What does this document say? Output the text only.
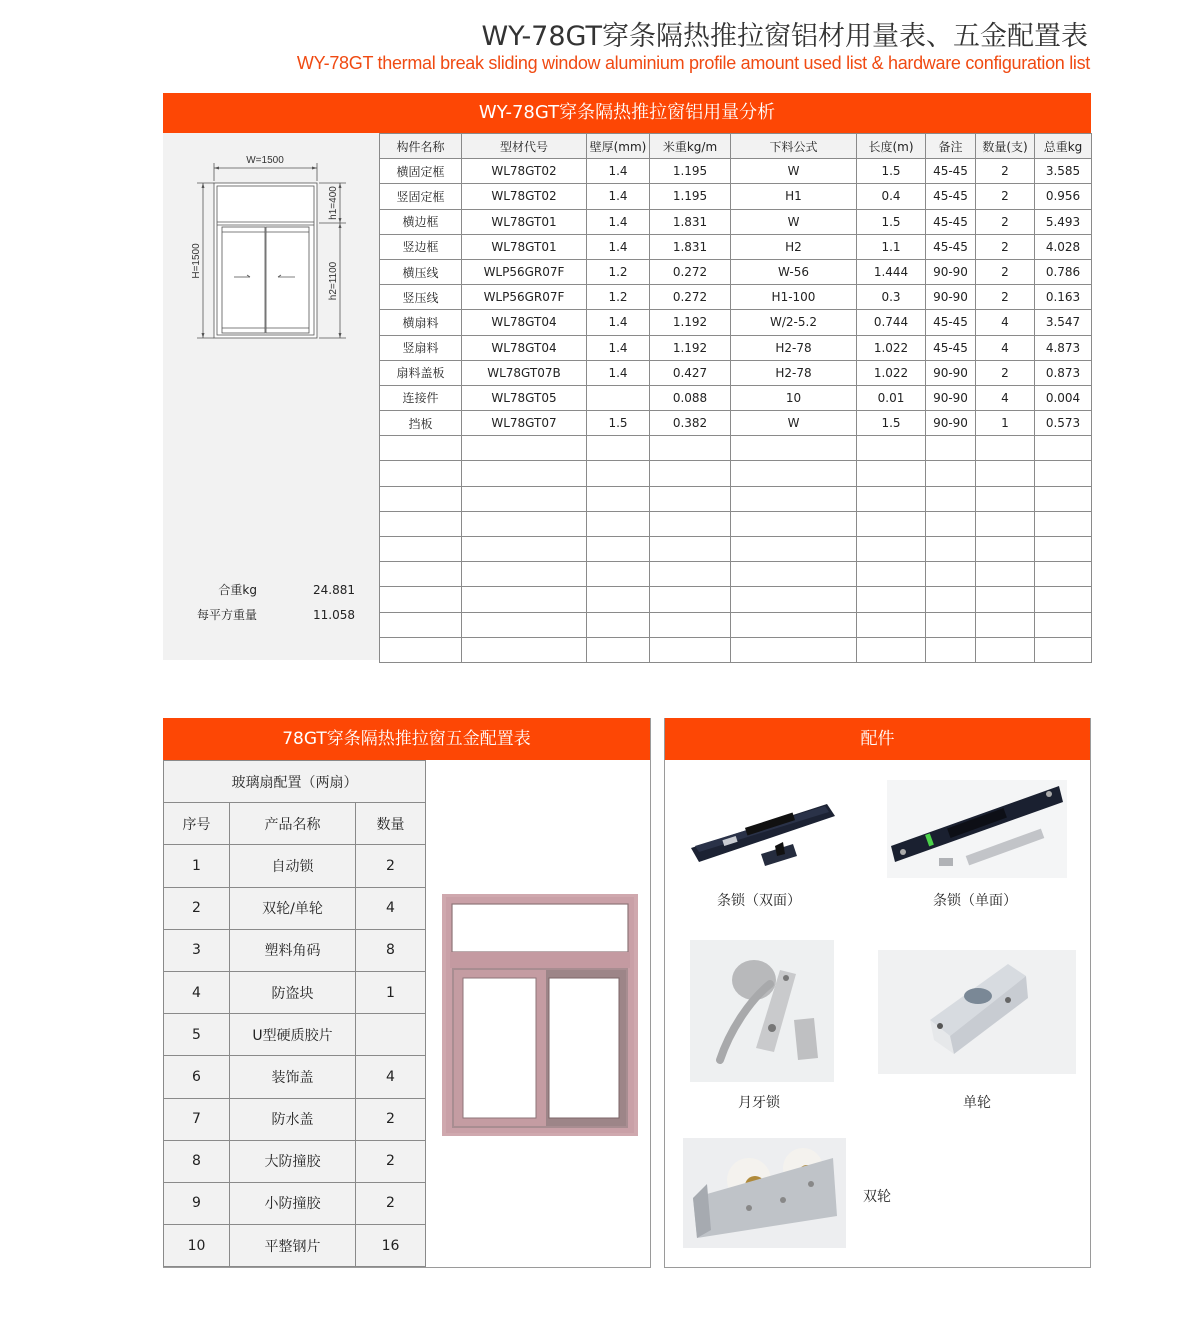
WY-78GT穿条隔热推拉窗铝材用量表、五金配置表
WY-78GT thermal break sliding window aluminium profile amount used list & hardware configuration list
WY-78GT穿条隔热推拉窗铝用量分析
W=1500
H=1500
h1=400
h2=1100
合重kg	24.881
每平方重量	11.058
构件名称	型材代号	壁厚(mm)	米重kg/m	下料公式	长度(m)	备注	数量(支)	总重kg
横固定框	WL78GT02	1.4	1.195	W	1.5	45-45	2	3.585
竖固定框	WL78GT02	1.4	1.195	H1	0.4	45-45	2	0.956
横边框	WL78GT01	1.4	1.831	W	1.5	45-45	2	5.493
竖边框	WL78GT01	1.4	1.831	H2	1.1	45-45	2	4.028
横压线	WLP56GR07F	1.2	0.272	W-56	1.444	90-90	2	0.786
竖压线	WLP56GR07F	1.2	0.272	H1-100	0.3	90-90	2	0.163
横扇料	WL78GT04	1.4	1.192	W/2-5.2	0.744	45-45	4	3.547
竖扇料	WL78GT04	1.4	1.192	H2-78	1.022	45-45	4	4.873
扇料盖板	WL78GT07B	1.4	0.427	H2-78	1.022	90-90	2	0.873
连接件	WL78GT05		0.088	10	0.01	90-90	4	0.004
挡板	WL78GT07	1.5	0.382	W	1.5	90-90	1	0.573

78GT穿条隔热推拉窗五金配置表
玻璃扇配置（两扇）		
序号	产品名称	数量
1	自动锁	2
2	双轮/单轮	4
3	塑料角码	8
4	防盗块	1
5	U型硬质胶片	
6	装饰盖	4
7	防水盖	2
8	大防撞胶	2
9	小防撞胶	2
10	平整钢片	16
配件
条锁（双面）	条锁（单面）
月牙锁	单轮
双轮
